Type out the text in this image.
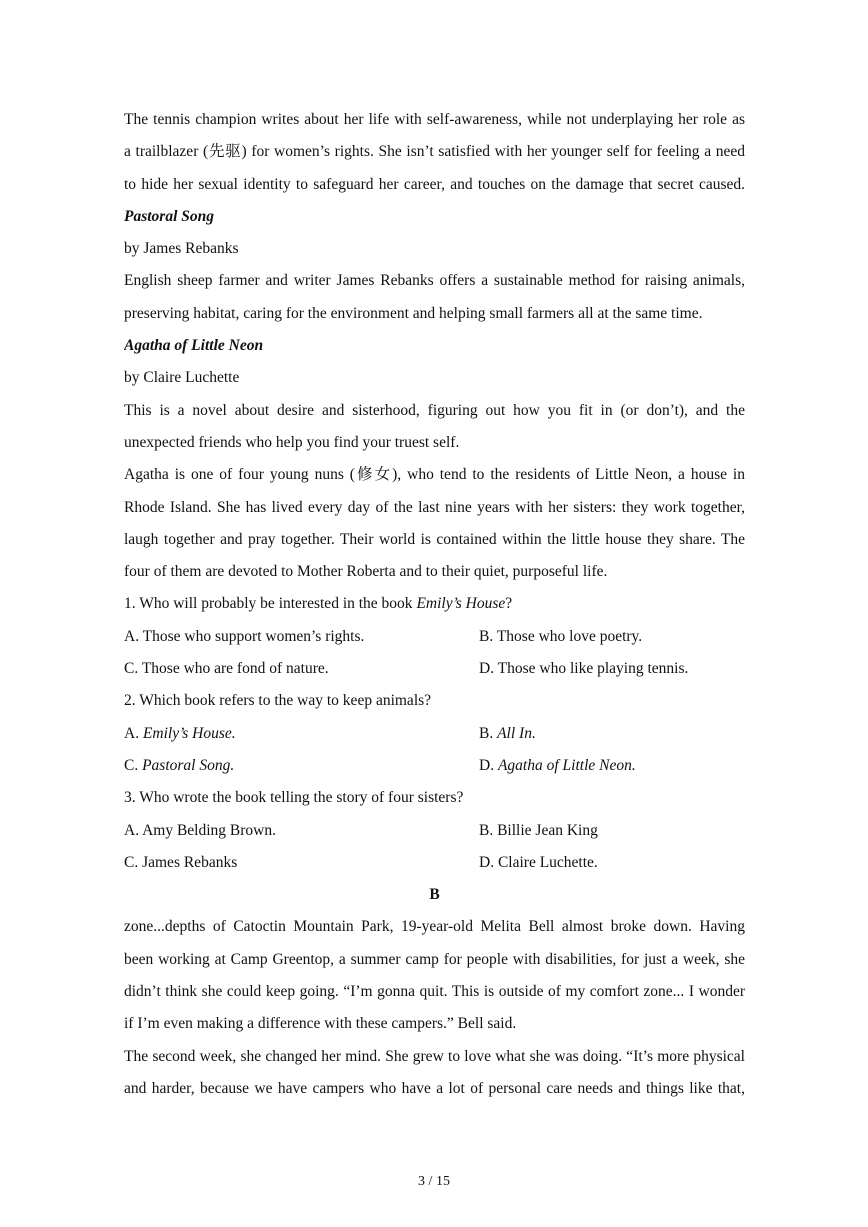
The tennis champion writes about her life with self-awareness, while not underplaying her role as
a trailblazer (先驱) for women’s rights. She isn’t satisfied with her younger self for feeling a need
to hide her sexual identity to safeguard her career, and touches on the damage that secret caused.
Pastoral Song
by James Rebanks
English sheep farmer and writer James Rebanks offers a sustainable method for raising animals,
preserving habitat, caring for the environment and helping small farmers all at the same time.
Agatha of Little Neon
by Claire Luchette
This is a novel about desire and sisterhood, figuring out how you fit in (or don’t), and the
unexpected friends who help you find your truest self.
Agatha is one of four young nuns (修女), who tend to the residents of Little Neon, a house in
Rhode Island. She has lived every day of the last nine years with her sisters: they work together,
laugh together and pray together. Their world is contained within the little house they share. The
four of them are devoted to Mother Roberta and to their quiet, purposeful life.
1. Who will probably be interested in the book Emily’s House?
A. Those who support women’s rights.	B. Those who love poetry.
C. Those who are fond of nature.	D. Those who like playing tennis.
2. Which book refers to the way to keep animals?
A. Emily’s House.	B. All In.
C. Pastoral Song.	D. Agatha of Little Neon.
3. Who wrote the book telling the story of four sisters?
A. Amy Belding Brown.	B. Billie Jean King
C. James Rebanks	D. Claire Luchette.
B
zone...depths of Catoctin Mountain Park, 19-year-old Melita Bell almost broke down. Having
been working at Camp Greentop, a summer camp for people with disabilities, for just a week, she
didn’t think she could keep going. “I’m gonna quit. This is outside of my comfort zone... I wonder
if I’m even making a difference with these campers.” Bell said.
The second week, she changed her mind. She grew to love what she was doing. “It’s more physical
and harder, because we have campers who have a lot of personal care needs and things like that,
3 / 15
